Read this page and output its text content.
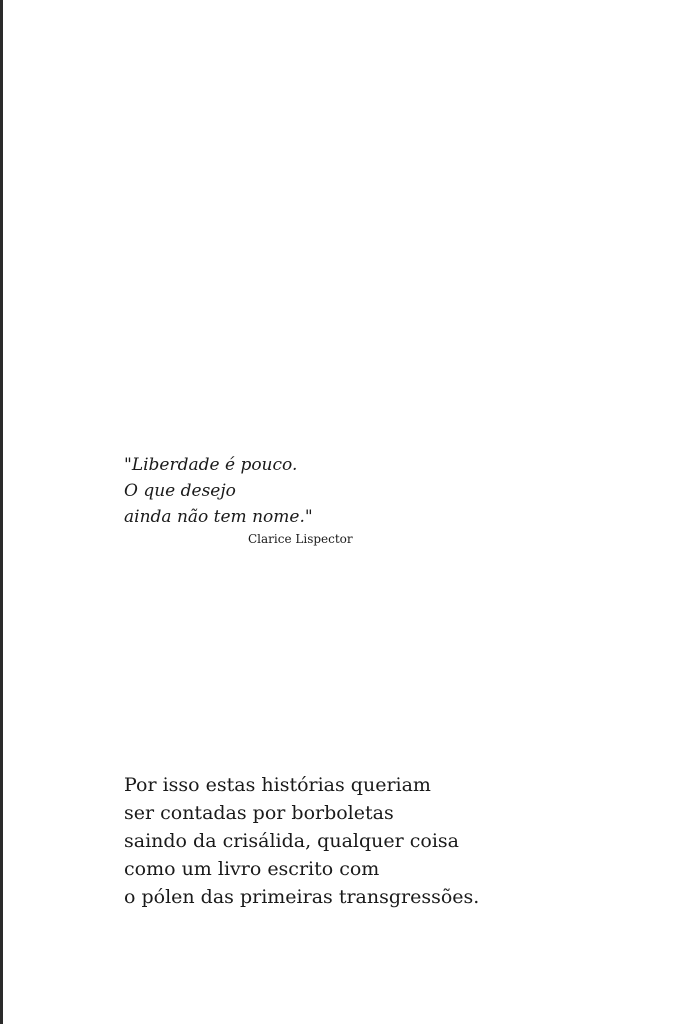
"Liberdade é pouco.
O que desejo
ainda não tem nome."
Clarice Lispector
Por isso estas histórias queriam
ser contadas por borboletas
saindo da crisálida, qualquer coisa
como um livro escrito com
o pólen das primeiras transgressões.
